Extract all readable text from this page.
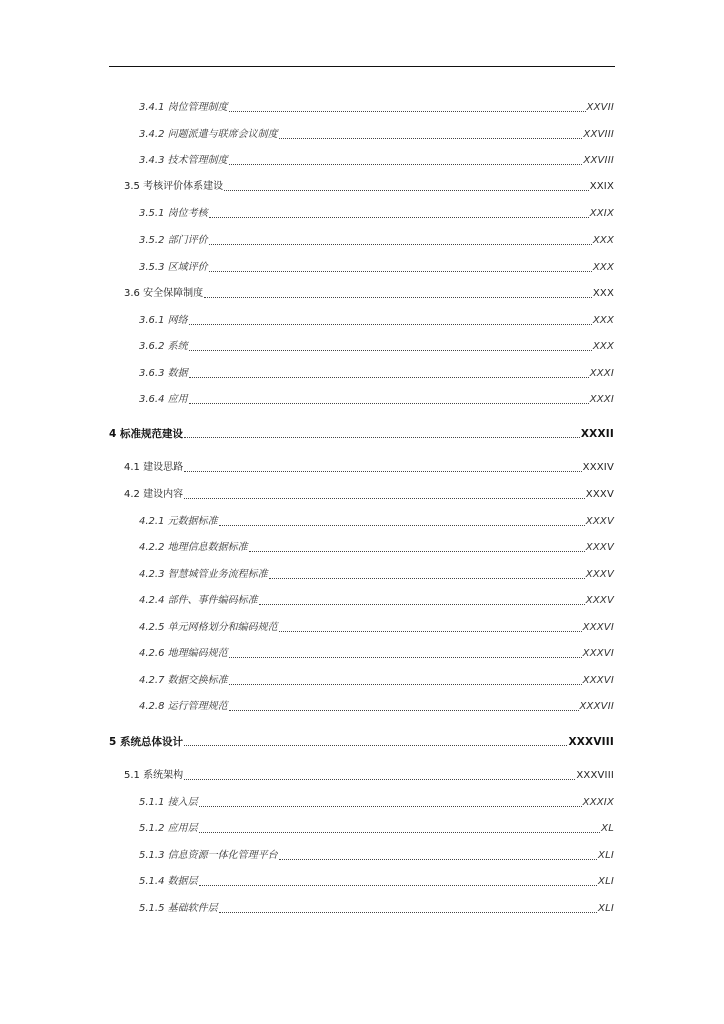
3.4.1 岗位管理制度	XXVII
3.4.2 问题派遣与联席会议制度	XXVIII
3.4.3 技术管理制度	XXVIII
3.5 考核评价体系建设	XXIX
3.5.1 岗位考核	XXIX
3.5.2 部门评价	XXX
3.5.3 区域评价	XXX
3.6 安全保障制度	XXX
3.6.1 网络	XXX
3.6.2 系统	XXX
3.6.3 数据	XXXI
3.6.4 应用	XXXI
4 标准规范建设	XXXII
4.1 建设思路	XXXIV
4.2 建设内容	XXXV
4.2.1 元数据标准	XXXV
4.2.2 地理信息数据标准	XXXV
4.2.3 智慧城管业务流程标准	XXXV
4.2.4 部件、事件编码标准	XXXV
4.2.5 单元网格划分和编码规范	XXXVI
4.2.6 地理编码规范	XXXVI
4.2.7 数据交换标准	XXXVI
4.2.8 运行管理规范	XXXVII
5 系统总体设计	XXXVIII
5.1 系统架构	XXXVIII
5.1.1 接入层	XXXIX
5.1.2 应用层	XL
5.1.3 信息资源一体化管理平台	XLI
5.1.4 数据层	XLI
5.1.5 基础软件层	XLI
